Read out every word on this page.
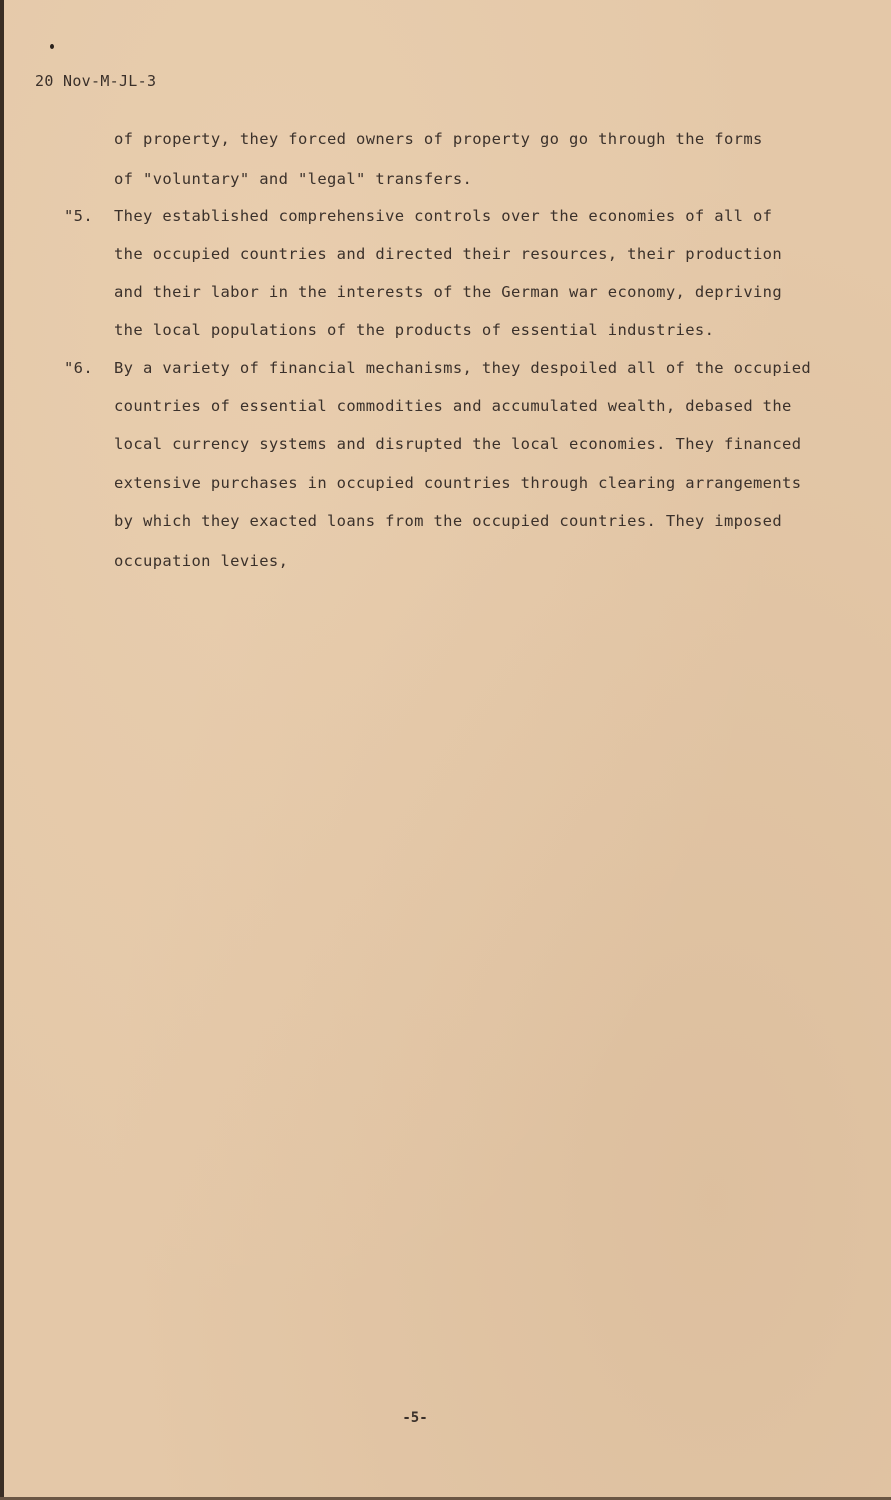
20 Nov-M-JL-3
of property, they forced owners of property go go through the forms
of "voluntary" and "legal" transfers.
"5. They established comprehensive controls over the economies of all of
the occupied countries and directed their resources, their production
and their labor in the interests of the German war economy, depriving
the local populations of the products of essential industries.
"6. By a variety of financial mechanisms, they despoiled all of the occupied
countries of essential commodities and accumulated wealth, debased the
local currency systems and disrupted the local economies. They financed
extensive purchases in occupied countries through clearing arrangements
by which they exacted loans from the occupied countries. They imposed
occupation levies,
-5-
